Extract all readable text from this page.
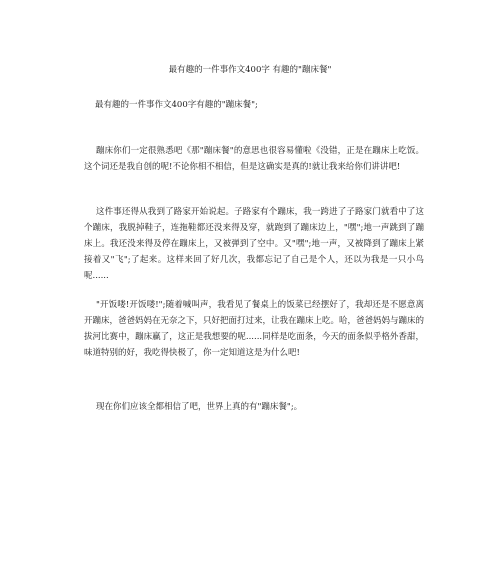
最有趣的一件事作文400字 有趣的"蹦床餐"
最有趣的一件事作文400字有趣的"蹦床餐";

蹦床你们一定很熟悉吧《那"蹦床餐"的意思也很容易懂啦《没错，正是在蹦床上吃饭。这个词还是我自创的呢!不论你相不相信，但是这确实是真的!就让我来给你们讲讲吧!

这件事还得从我到了路家开始说起。子路家有个蹦床，我一跨进了子路家门就看中了这个蹦床，我脱掉鞋子，连拖鞋都还没来得及穿，就跑到了蹦床边上，"嘿";地一声跳到了蹦床上。我还没来得及停在蹦床上，又被弹到了空中。又"嘿";地一声，又被降到了蹦床上紧接着又"飞";了起来。这样来回了好几次，我都忘记了自己是个人，还以为我是一只小鸟呢......

"开饭喽!开饭喽!";随着喊叫声，我看见了餐桌上的饭菜已经摆好了，我却还是不愿意离开蹦床，爸爸妈妈在无奈之下，只好把面打过来，让我在蹦床上吃。哈，爸爸妈妈与蹦床的拔河比赛中，蹦床赢了，这正是我想要的呢......同样是吃面条，今天的面条似乎格外香甜，味道特别的好，我吃得快极了，你一定知道这是为什么吧!

现在你们应该全都相信了吧，世界上真的有"蹦床餐";。
